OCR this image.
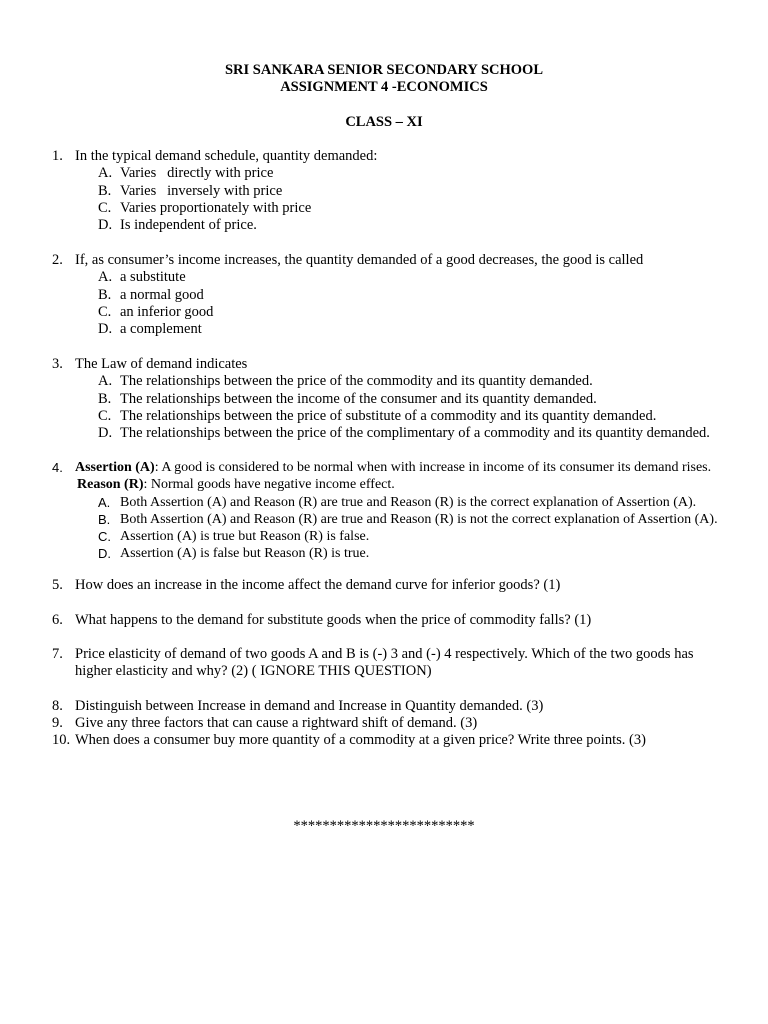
SRI SANKARA SENIOR SECONDARY SCHOOL
ASSIGNMENT 4 -ECONOMICS
CLASS – XI
1. In the typical demand schedule, quantity demanded:
A. Varies   directly with price
B. Varies   inversely with price
C. Varies proportionately with price
D. Is independent of price.
2. If, as consumer’s income increases, the quantity demanded of a good decreases, the good is called
A. a substitute
B. a normal good
C. an inferior good
D. a complement
3. The Law of demand indicates
A. The relationships between the price of the commodity and its quantity demanded.
B. The relationships between the income of the consumer and its quantity demanded.
C. The relationships between the price of substitute of a commodity and its quantity demanded.
D. The relationships between the price of the complimentary of a commodity and its quantity demanded.
4. Assertion (A): A good is considered to be normal when with increase in income of its consumer its demand rises.
Reason (R): Normal goods have negative income effect.
A. Both Assertion (A) and Reason (R) are true and Reason (R) is the correct explanation of Assertion (A).
B. Both Assertion (A) and Reason (R) are true and Reason (R) is not the correct explanation of Assertion (A).
C. Assertion (A) is true but Reason (R) is false.
D. Assertion (A) is false but Reason (R) is true.
5. How does an increase in the income affect the demand curve for inferior goods? (1)
6. What happens to the demand for substitute goods when the price of commodity falls? (1)
7. Price elasticity of demand of two goods A and B is (-) 3 and (-) 4 respectively. Which of the two goods has higher elasticity and why? (2) ( IGNORE THIS QUESTION)
8. Distinguish between Increase in demand and Increase in Quantity demanded. (3)
9. Give any three factors that can cause a rightward shift of demand. (3)
10. When does a consumer buy more quantity of a commodity at a given price? Write three points. (3)
*************************
